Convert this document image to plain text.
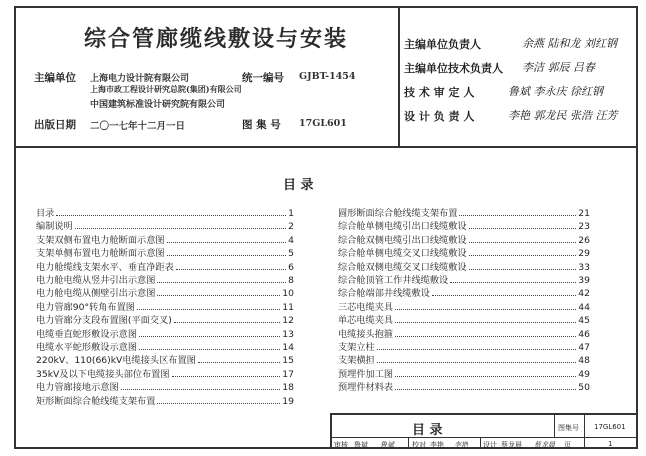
综合管廊缆线敷设与安装
主编单位 上海电力设计院有限公司
上海市政工程设计研究总院(集团)有限公司
中国建筑标准设计研究院有限公司
统一编号 GJBT-1454
出版日期 二〇一七年十二月一日	图 集 号 17GL601
主编单位负责人	余燕 陆和龙 刘红钢
主编单位技术负责人 李洁 郭辰 吕春
技 术 审 定 人	鲁斌 李永庆 徐红钢
设 计 负 责 人	李艳 郭龙民 张浩 汪芳
目 录
目录	1
编制说明	2
支架双侧布置电力舱断面示意图	4
支架单侧布置电力舱断面示意图	5
电力舱缆线支架水平、垂直净距表	6
电力舱电缆从竖井引出示意图	8
电力舱电缆从侧壁引出示意图	10
电力管廊90°转角布置图	11
电力管廊分支段布置图(平面交叉)	12
电缆垂直蛇形敷设示意图	13
电缆水平蛇形敷设示意图	14
220kV、110(66)kV电缆接头区布置图	15
35kV及以下电缆接头部位布置图	17
电力管廊接地示意图	18
矩形断面综合舱线缆支架布置	19
圆形断面综合舱线缆支架布置	21
综合舱单侧电缆引出口线缆敷设	23
综合舱双侧电缆引出口线缆敷设	26
综合舱单侧电缆交叉口线缆敷设	29
综合舱双侧电缆交叉口线缆敷设	33
综合舱顶管工作井线缆敷设	39
综合舱端部井线缆敷设	42
三芯电缆夹具	44
单芯电缆夹具	45
电缆接头抱箍	46
支架立柱	47
支架横担	48
预埋件加工图	49
预埋件材料表	50
目 录	图集号 17GL601
审核 鲁斌 鲁斌	校对 李艳 李艳 设计 蔡龙晨 蔡龙晨 页	1
